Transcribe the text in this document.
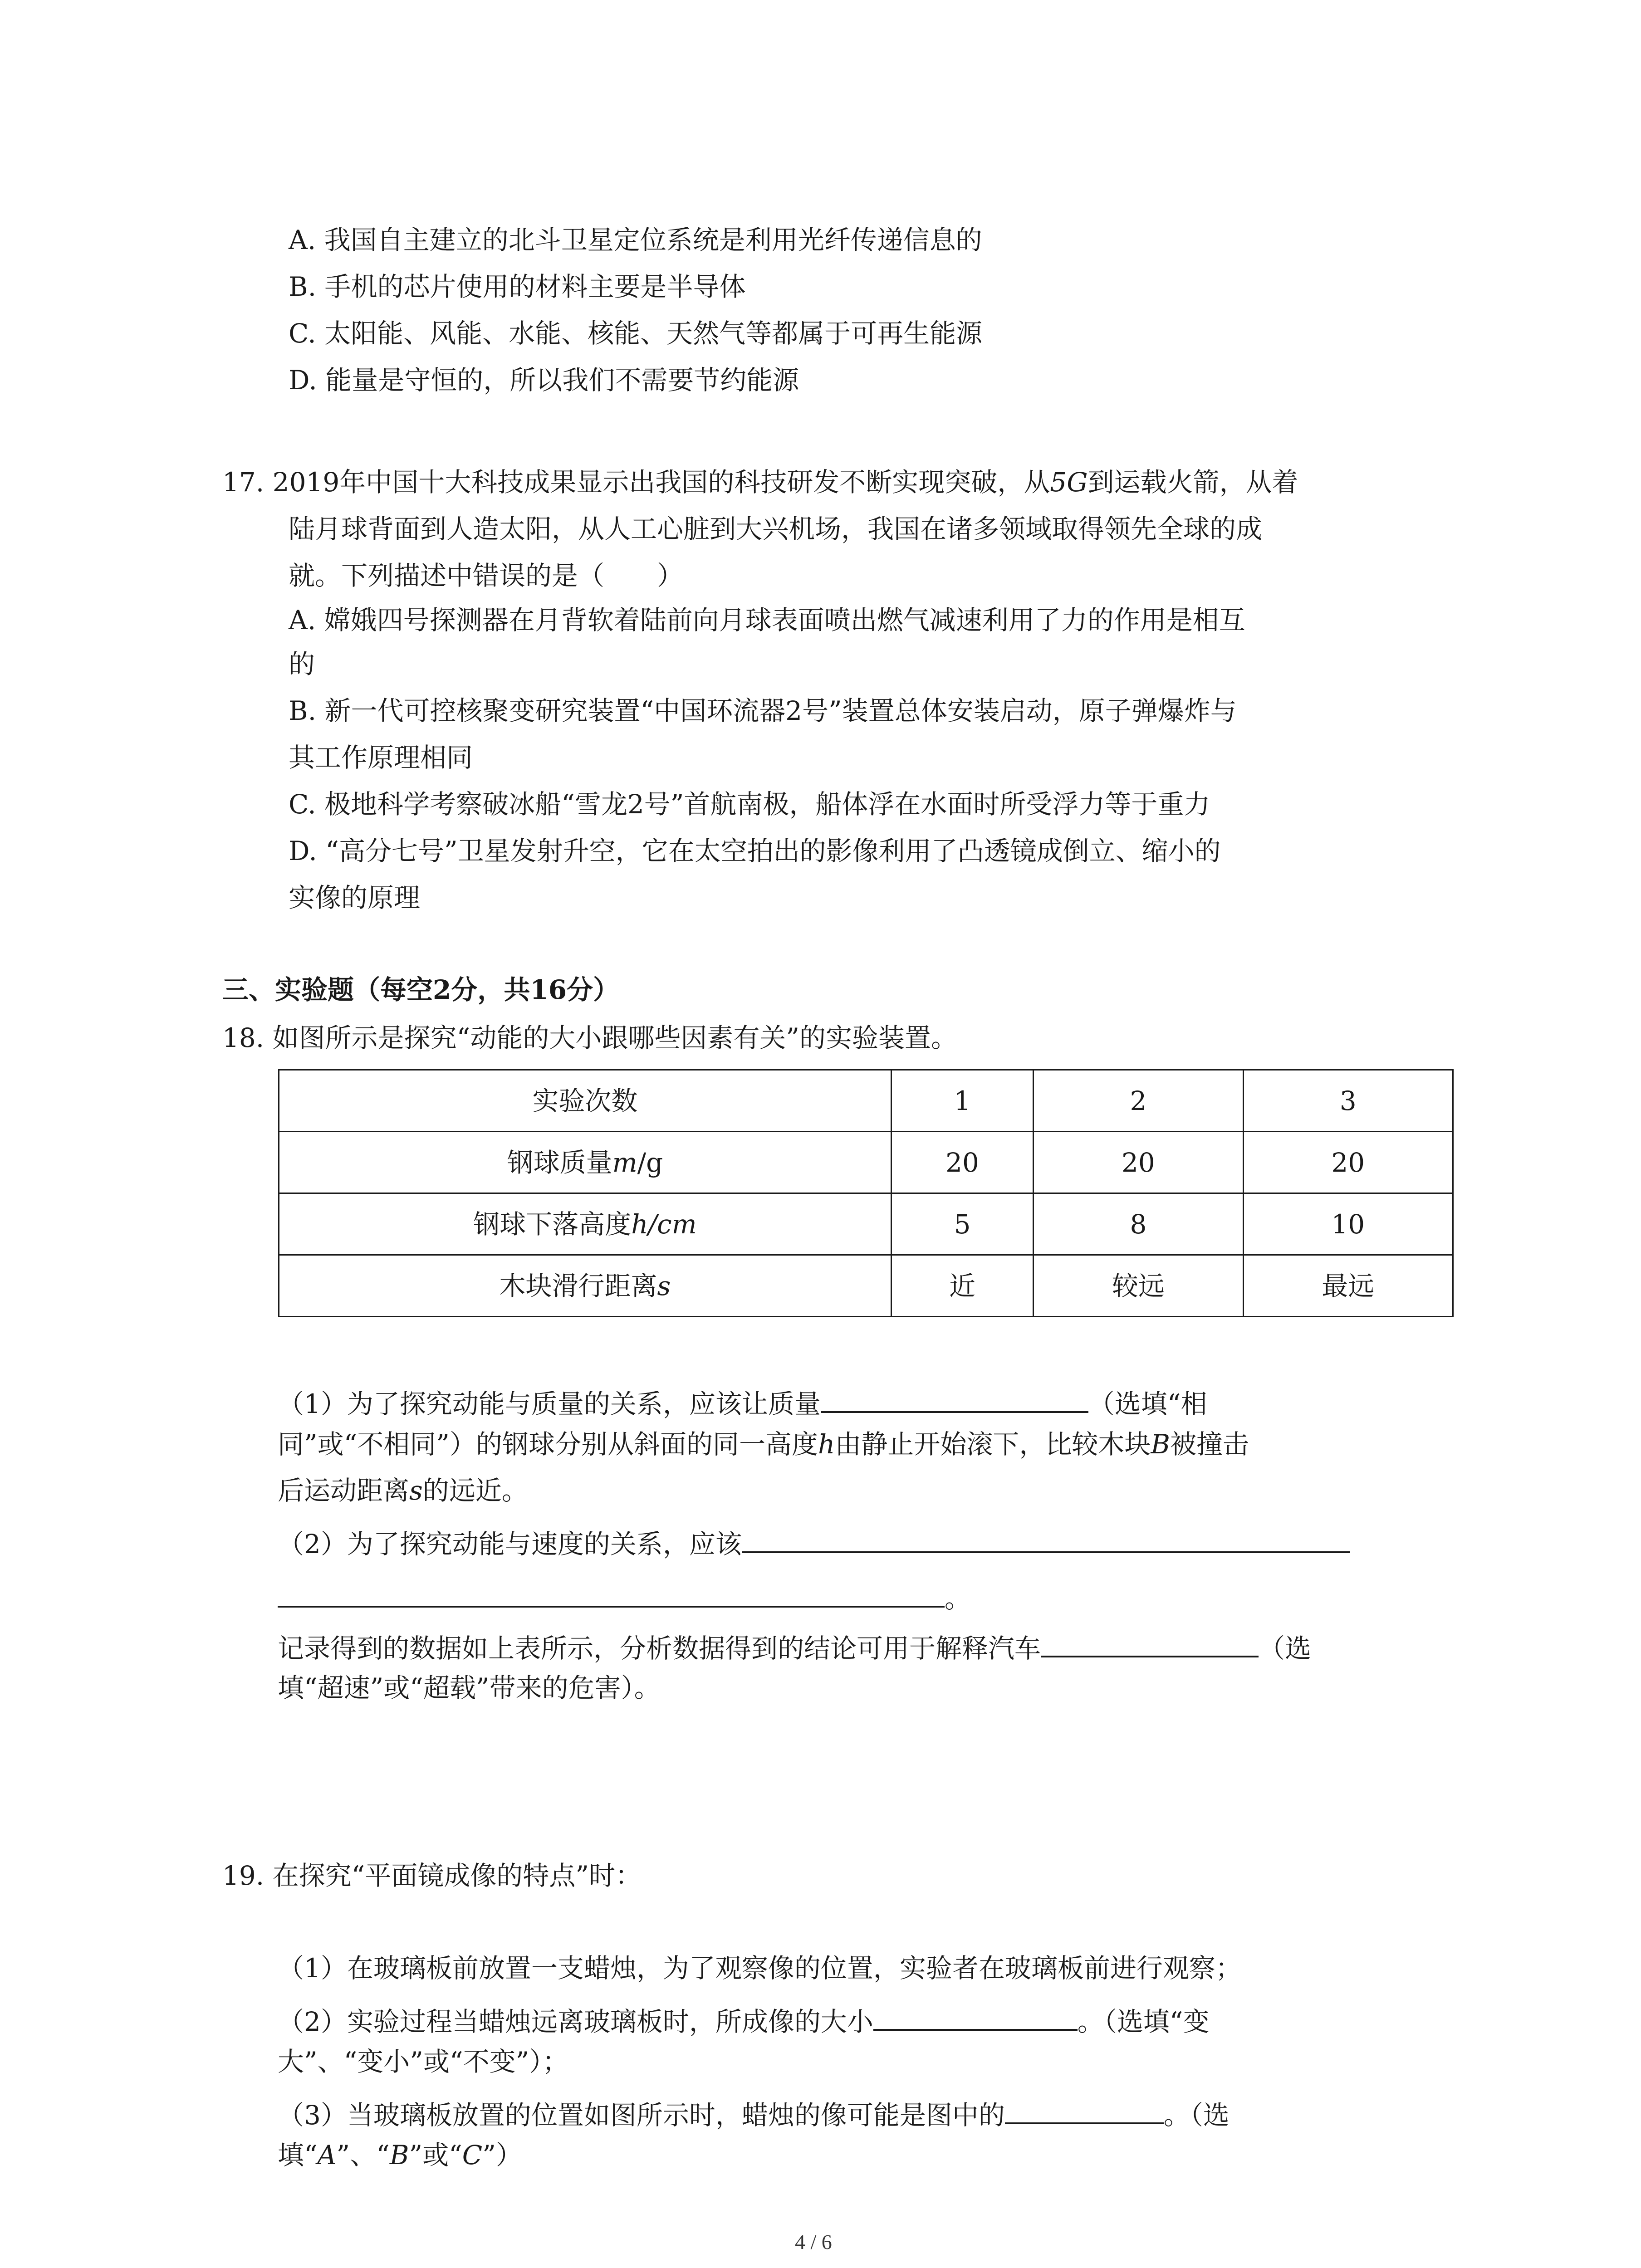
A. 我国自主建立的北斗卫星定位系统是利用光纤传递信息的
B. 手机的芯片使用的材料主要是半导体
C. 太阳能、风能、水能、核能、天然气等都属于可再生能源
D. 能量是守恒的，所以我们不需要节约能源
17. 2019年中国十大科技成果显示出我国的科技研发不断实现突破，从5G到运载火箭，从着
陆月球背面到人造太阳，从人工心脏到大兴机场，我国在诸多领域取得领先全球的成
就。下列描述中错误的是（　　）
A. 嫦娥四号探测器在月背软着陆前向月球表面喷出燃气减速利用了力的作用是相互
的
B. 新一代可控核聚变研究装置“中国环流器2号”装置总体安装启动，原子弹爆炸与
其工作原理相同
C. 极地科学考察破冰船“雪龙2号”首航南极，船体浮在水面时所受浮力等于重力
D. “高分七号”卫星发射升空，它在太空拍出的影像利用了凸透镜成倒立、缩小的
实像的原理
三、实验题（每空2分，共16分）
18. 如图所示是探究“动能的大小跟哪些因素有关”的实验装置。
实验次数	1	2	3
钢球质量m/g	20	20	20
钢球下落高度h/cm	5	8	10
木块滑行距离s	近	较远	最远
（1）为了探究动能与质量的关系，应该让质量	（选填“相
同”或“不相同”）的钢球分别从斜面的同一高度h由静止开始滚下，比较木块B被撞击
后运动距离s的远近。
（2）为了探究动能与速度的关系，应该
。
记录得到的数据如上表所示，分析数据得到的结论可用于解释汽车	（选
填“超速”或“超载”带来的危害）。
19. 在探究“平面镜成像的特点”时：
（1）在玻璃板前放置一支蜡烛，为了观察像的位置，实验者在玻璃板前进行观察；
（2）实验过程当蜡烛远离玻璃板时，所成像的大小	。（选填“变
大”、“变小”或“不变”）；
（3）当玻璃板放置的位置如图所示时，蜡烛的像可能是图中的	。（选
填“A”、“B”或“C”）
4 / 6
